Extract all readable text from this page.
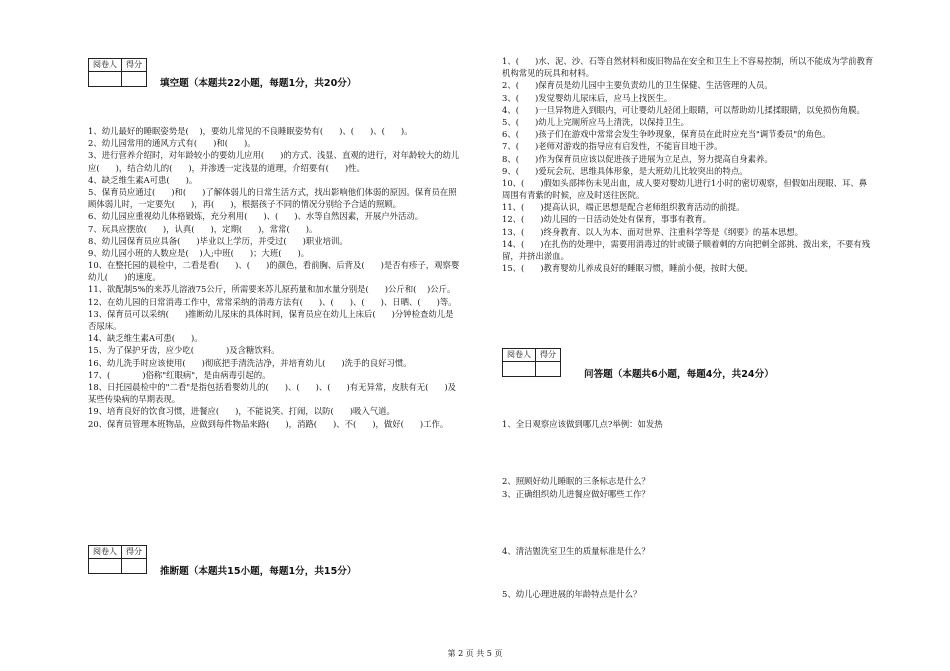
阅卷人	得分

填空题（本题共22小题，每题1分，共20分）
1、幼儿最好的睡眠姿势是(    )，要幼儿常见的不良睡眠姿势有(      )、(      )、(      )。
2、幼儿园常用的通风方式有(      )和(      )。
3、进行营养介绍时，对年龄较小的要幼儿应用(      )的方式、浅显、直观的进行，对年龄较大的幼儿应(      )，结合幼儿的(      )，并渗透一定浅显的道理，介绍要有(      )性。
4、缺乏维生素A可患(      )。
5、保育员应通过(      )和(      )了解体弱儿的日常生活方式，找出影响他们体弱的原因。保育员在照顾体弱儿时，一定要先(      )，再(      )，根据孩子不同的情况分别给予合适的照顾。
6、幼儿园应重视幼儿体格锻炼，充分利用(      )、(      )、水等自然因素，开展户外活动。
7、玩具应摆放(      )，认真(      )，定期(      )，常常(      )。
8、幼儿园保育员应具备(      )毕业以上学历，并受过(      )职业培训。
9、幼儿园小班的人数应是(    )人;中班(      )；大班(      )。
10、在整托园的晨检中，二看是看(      )、(      )的颜色，看前胸、后背及(      )是否有疹子，观察婴幼儿(      )的速度。
11、欲配制5%的来苏儿溶液75公斤，所需要来苏儿原药量和加水量分别是(      )公斤和(    )公斤。
12、在幼儿园的日常消毒工作中，常常采纳的消毒方法有(      )、(      )、(      )、日晒、(      )等。
13、保育员可以采纳(      )推断幼儿尿床的具体时间，保育员应在幼儿上床后(      )分钟检查幼儿是否尿床。
14、缺乏维生素A可患(      )。
15、为了保护牙齿，应少吃(            )及含糖饮料。
16、幼儿洗手时应该使用(      )彻底把手清洗洁净，并培育幼儿(      )洗手的良好习惯。
17、(            )俗称"红眼病"，是由病毒引起的。
18、日托园晨检中的"二看"是指包括看婴幼儿的(      )、(      )、(      )有无异常，皮肤有无(      )及某些传染病的早期表现。
19、培育良好的饮食习惯，进餐应(      )，不能说笑、打闹，以防(      )吸入气道。
20、保育员管理本班物品，应做到每件物品来路(      )，消路(      )、不(      )，做好(      )工作。
阅卷人	得分

推断题（本题共15小题，每题1分，共15分）
1、(      )水、泥、沙、石等自然材料和废旧物品在安全和卫生上不容易控制，所以不能成为学前教育机构常见的玩具和材料。
2、(      )保育员是幼儿园中主要负责幼儿的卫生保健、生活管理的人员。
3、(      )发觉婴幼儿尿床后，应马上找医生。
4、(      )一旦异物进入到眼内，可让婴幼儿轻闭上眼睛，可以帮助幼儿揉揉眼睛，以免损伤角膜。
5、(      )幼儿上完厕所应马上清洗，以保持卫生。
6、(      )孩子们在游戏中常常会发生争吵现象，保育员在此时应充当"调节委员"的角色。
7、(      )老师对游戏的指导应有启发性，不能盲目地干涉。
8、(      )作为保育员应该以促进孩子进展为立足点，努力提高自身素养。
9、(      )爱玩会玩、思维具体形象，是大班幼儿比较突出的特点。
10、(      )假如头部摔伤未见出血，成人要对婴幼儿进行1小时的密切观察，但假如出现眼、耳、鼻周围有青紫的时候，应及时送往医院。
11、(      )提高认识，端正思想是配合老师组织教育活动的前提。
12、(      )幼儿园的一日活动处处有保育，事事有教育。
13、(      )终身教育、以人为本、面对世界、注重科学等是《纲要》的基本思想。
14、(      )在扎伤的处理中，需要用消毒过的针或镊子顺着刺的方向把刺全部挑、拨出来，不要有残留，并挤出淤血。
15、(      )教育婴幼儿养成良好的睡眠习惯，睡前小便，按时大便。
阅卷人	得分

问答题（本题共6小题，每题4分，共24分）
1、全日观察应该做到哪几点?举例：如发热
2、照顾好幼儿睡眠的三条标志是什么？
3、正确组织幼儿进餐应做好哪些工作？
4、清洁盥洗室卫生的质量标准是什么？
5、幼儿心理进展的年龄特点是什么？
第 2 页 共 5 页
